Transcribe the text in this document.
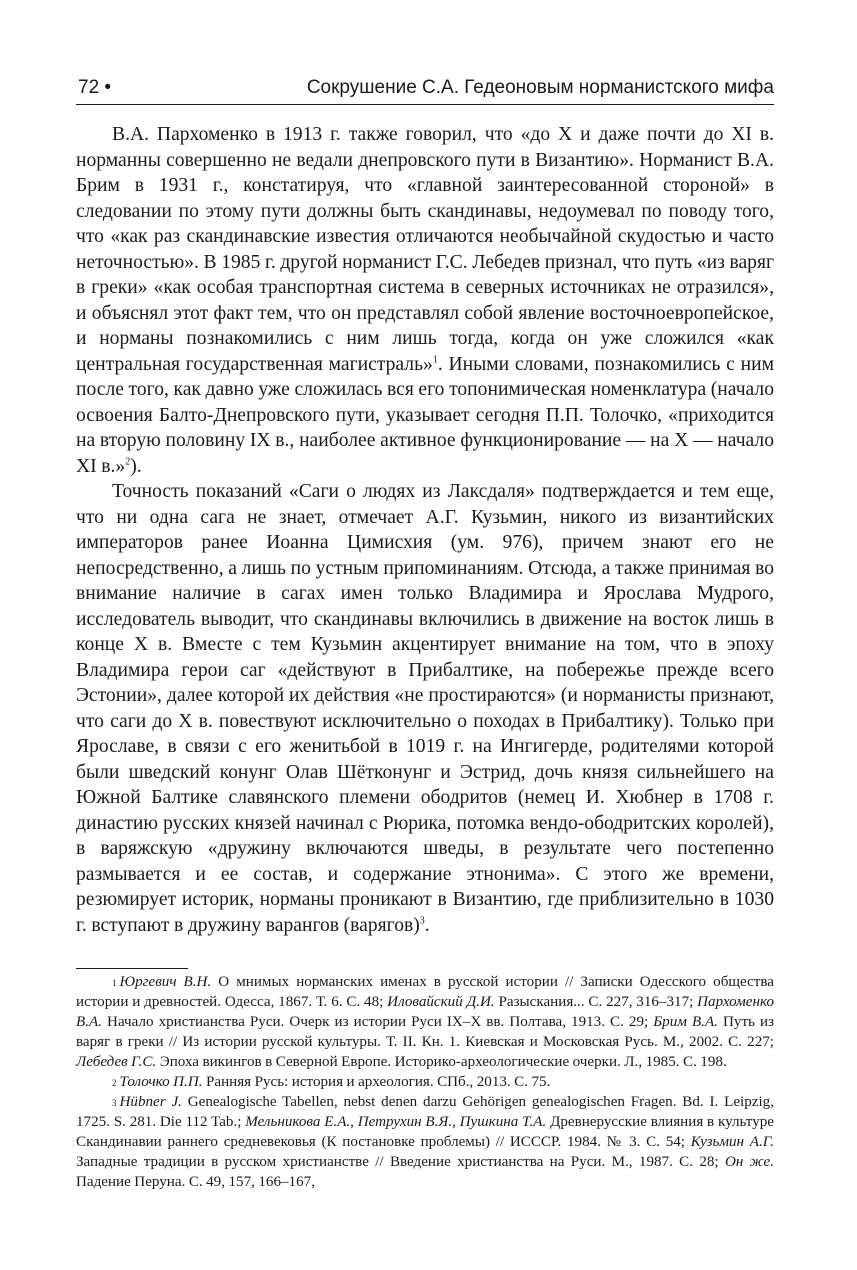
72 •	Сокрушение С.А. Гедеоновым норманистского мифа

В.А. Пархоменко в 1913 г. также говорил, что «до X и даже почти до XI в. норманны совершенно не ведали днепровского пути в Византию». Норманист В.А. Брим в 1931 г., констатируя, что «главной заинтересованной стороной» в следовании по этому пути должны быть скандинавы, недоумевал по поводу того, что «как раз скандинавские известия отличаются необычайной скудостью и часто неточностью». В 1985 г. другой норманист Г.С. Лебедев признал, что путь «из варяг в греки» «как особая транспортная система в северных источниках не отразился», и объяснял этот факт тем, что он представлял собой явление восточноевропейское, и норманы познакомились с ним лишь тогда, когда он уже сложился «как центральная государственная магистраль»$^1$. Иными словами, познакомились с ним после того, как давно уже сложилась вся его топонимическая номенклатура (начало освоения Балто-Днепровского пути, указывает сегодня П.П. Толочко, «приходится на вторую половину IX в., наиболее активное функционирование — на X — начало XI в.»$^2$).

Точность показаний «Саги о людях из Лаксдаля» подтверждается и тем еще, что ни одна сага не знает, отмечает А.Г. Кузьмин, никого из византийских императоров ранее Иоанна Цимисхия (ум. 976), причем знают его не непосредственно, а лишь по устным припоминаниям. Отсюда, а также принимая во внимание наличие в сагах имен только Владимира и Ярослава Мудрого, исследователь выводит, что скандинавы включились в движение на восток лишь в конце X в. Вместе с тем Кузьмин акцентирует внимание на том, что в эпоху Владимира герои саг «действуют в Прибалтике, на побережье прежде всего Эстонии», далее которой их действия «не простираются» (и норманисты признают, что саги до X в. повествуют исключительно о походах в Прибалтику). Только при Ярославе, в связи с его женитьбой в 1019 г. на Ингигерде, родителями которой были шведский конунг Олав Шётконунг и Эстрид, дочь князя сильнейшего на Южной Балтике славянского племени ободритов (немец И. Хюбнер в 1708 г. династию русских князей начинал с Рюрика, потомка вендо-ободритских королей), в варяжскую «дружину включаются шведы, в результате чего постепенно размывается и ее состав, и содержание этнонима». С этого же времени, резюмирует историк, норманы проникают в Византию, где приблизительно в 1030 г. вступают в дружину варангов (варягов)$^3$.

$^1$ Юргевич В.Н. О мнимых норманских именах в русской истории // Записки Одесского общества истории и древностей. Одесса, 1867. Т. 6. С. 48; Иловайский Д.И. Разыскания... С. 227, 316–317; Пархоменко В.А. Начало христианства Руси. Очерк из истории Руси IX–X вв. Полтава, 1913. С. 29; Брим В.А. Путь из варяг в греки // Из истории русской культуры. Т. II. Кн. 1. Киевская и Московская Русь. М., 2002. С. 227; Лебедев Г.С. Эпоха викингов в Северной Европе. Историко-археологические очерки. Л., 1985. С. 198.

$^2$ Толочко П.П. Ранняя Русь: история и археология. СПб., 2013. С. 75.

$^3$ Hübner J. Genealogische Tabellen, nebst denen darzu Gehörigen genealogischen Fragen. Bd. I. Leipzig, 1725. S. 281. Die 112 Tab.; Мельникова Е.А., Петрухин В.Я., Пушкина Т.А. Древнерусские влияния в культуре Скандинавии раннего средневековья (К постановке проблемы) // ИСССР. 1984. № 3. С. 54; Кузьмин А.Г. Западные традиции в русском христианстве // Введение христианства на Руси. М., 1987. С. 28; Он же. Падение Перуна. С. 49, 157, 166–167,
